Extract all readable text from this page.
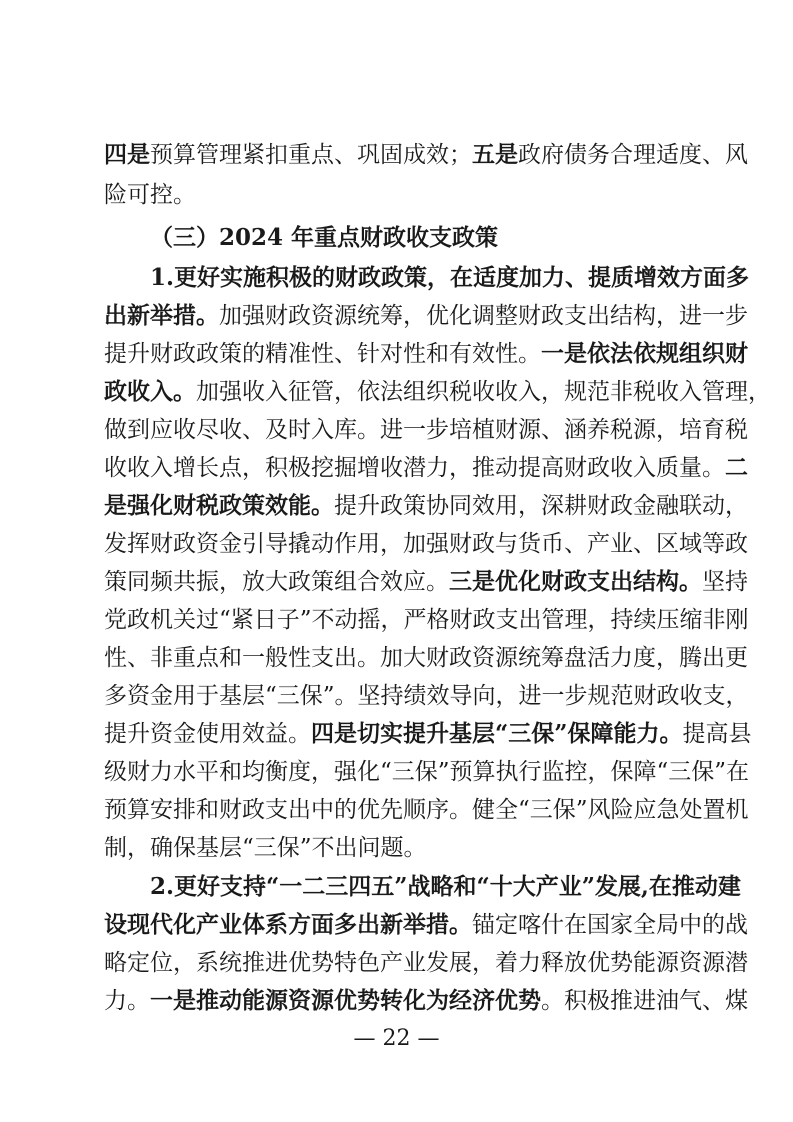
四是预算管理紧扣重点、巩固成效；五是政府债务合理适度、风
险可控。
（三）2024 年重点财政收支政策
1.更好实施积极的财政政策，在适度加力、提质增效方面多
出新举措。加强财政资源统筹，优化调整财政支出结构，进一步
提升财政政策的精准性、针对性和有效性。一是依法依规组织财
政收入。加强收入征管，依法组织税收收入，规范非税收入管理，
做到应收尽收、及时入库。进一步培植财源、涵养税源，培育税
收收入增长点，积极挖掘增收潜力，推动提高财政收入质量。二
是强化财税政策效能。提升政策协同效用，深耕财政金融联动，
发挥财政资金引导撬动作用，加强财政与货币、产业、区域等政
策同频共振，放大政策组合效应。三是优化财政支出结构。坚持
党政机关过“紧日子”不动摇，严格财政支出管理，持续压缩非刚
性、非重点和一般性支出。加大财政资源统筹盘活力度，腾出更
多资金用于基层“三保”。坚持绩效导向，进一步规范财政收支，
提升资金使用效益。四是切实提升基层“三保”保障能力。提高县
级财力水平和均衡度，强化“三保”预算执行监控，保障“三保”在
预算安排和财政支出中的优先顺序。健全“三保”风险应急处置机
制，确保基层“三保”不出问题。
2.更好支持“一二三四五”战略和“十大产业”发展,在推动建
设现代化产业体系方面多出新举措。锚定喀什在国家全局中的战
略定位，系统推进优势特色产业发展，着力释放优势能源资源潜
力。一是推动能源资源优势转化为经济优势。积极推进油气、煤
— 22 —
